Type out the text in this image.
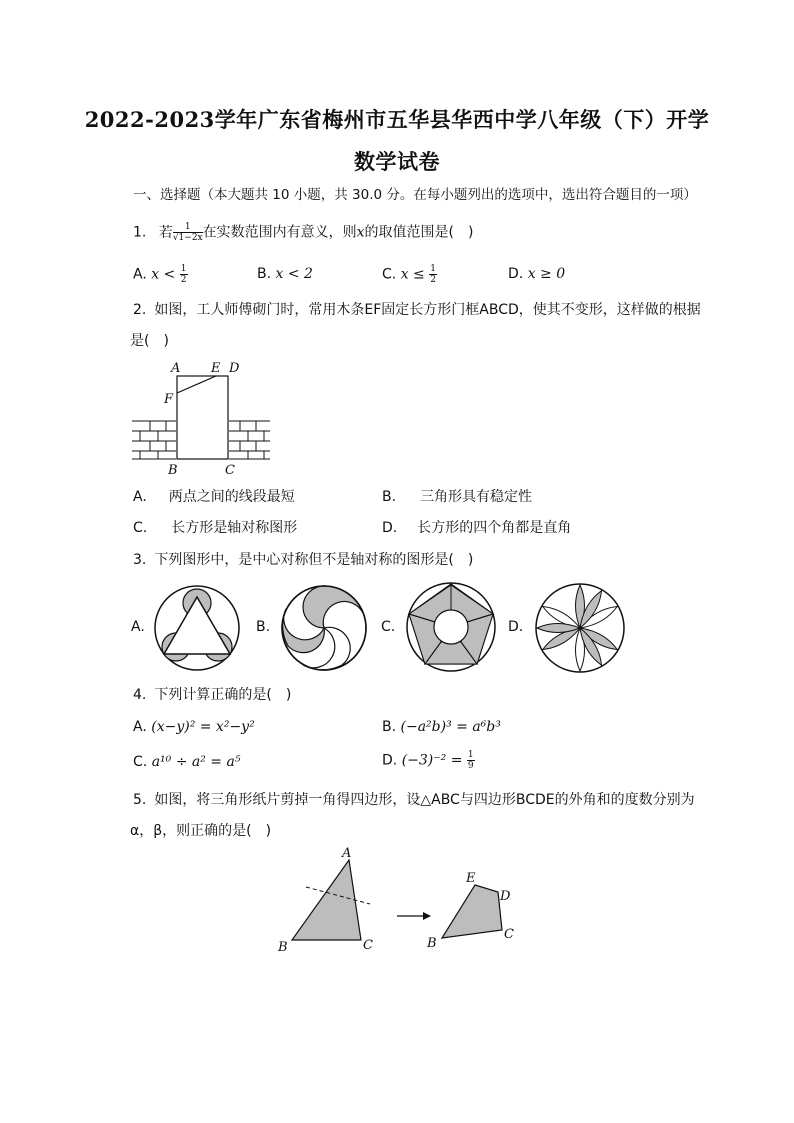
2022-2023学年广东省梅州市五华县华西中学八年级（下）开学
数学试卷
一、选择题（本大题共 10 小题，共 30.0 分。在每小题列出的选项中，选出符合题目的一项）
1. 若 $\frac{1}{√1-2x}$ 在实数范围内有意义，则x的取值范围是(　)
A. $x < \frac{1}{2}$	B. x < 2	C. $x \le \frac{1}{2}$	D. x ≥ 0
2. 如图，工人师傅砌门时，常用木条EF固定长方形门框ABCD，使其不变形，这样做的根据
是(　)
A E D
F
B	C
A. 两点之间的线段最短	B. 三角形具有稳定性
C. 长方形是轴对称图形	D. 长方形的四个角都是直角
3. 下列图形中，是中心对称但不是轴对称的图形是(　)
A.	B.	C.	D.
4. 下列计算正确的是(　)
A. (x−y)² = x²−y²	B. (−a²b)³ = a⁶b³
C. a¹⁰ ÷ a² = a⁵	D. $(-3)^{-2} = \frac{1}{9}$
5. 如图，将三角形纸片剪掉一角得四边形，设△ABC与四边形BCDE的外角和的度数分别为
α，β，则正确的是(　)
A
B	C
E
D
B
C
